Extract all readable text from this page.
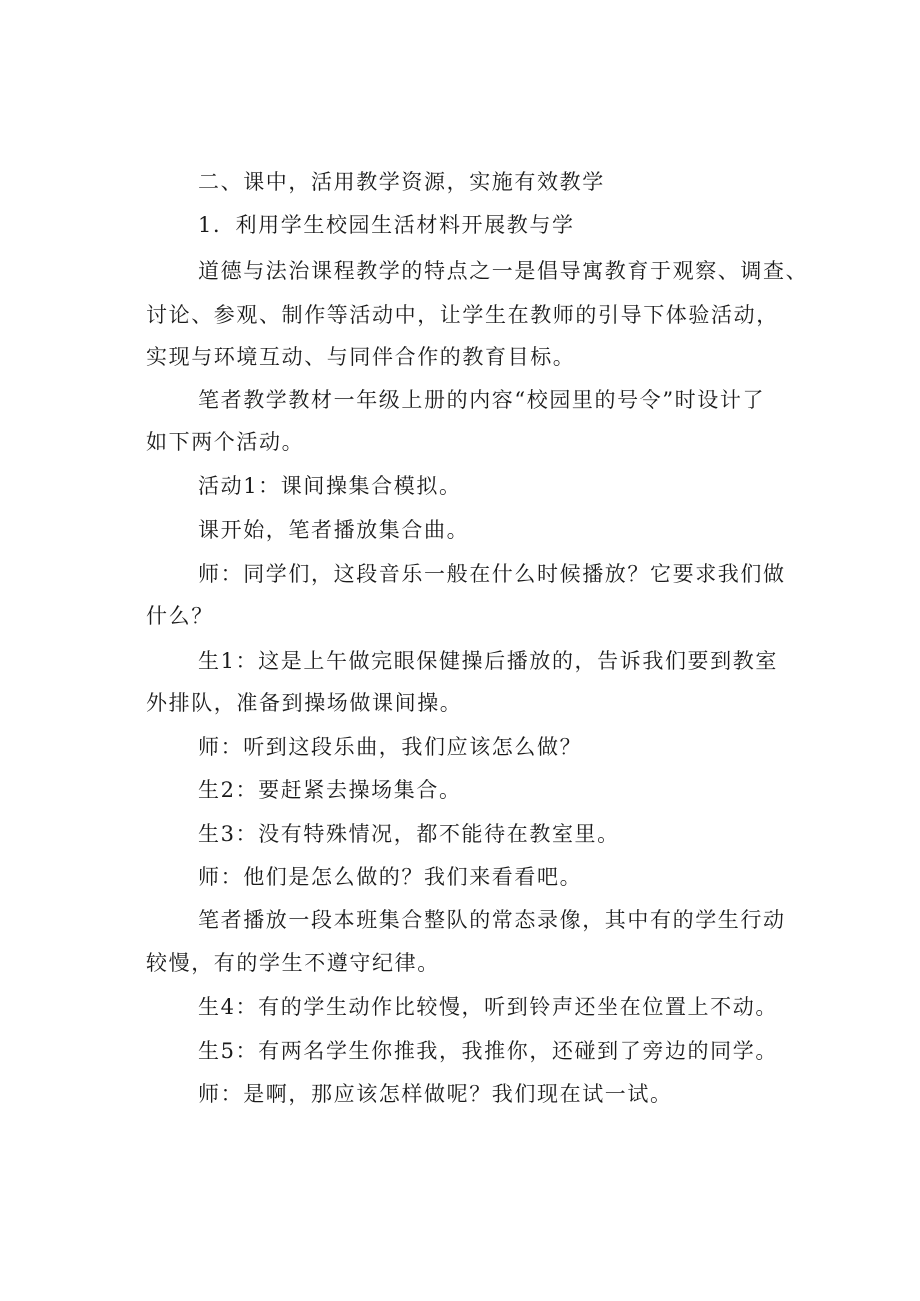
二、课中，活用教学资源，实施有效教学
1．利用学生校园生活材料开展教与学
道德与法治课程教学的特点之一是倡导寓教育于观察、调查、
讨论、参观、制作等活动中，让学生在教师的引导下体验活动，
实现与环境互动、与同伴合作的教育目标。
笔者教学教材一年级上册的内容“校园里的号令”时设计了
如下两个活动。
活动1：课间操集合模拟。
课开始，笔者播放集合曲。
师：同学们，这段音乐一般在什么时候播放？它要求我们做
什么？
生1：这是上午做完眼保健操后播放的，告诉我们要到教室
外排队，准备到操场做课间操。
师：听到这段乐曲，我们应该怎么做？
生2：要赶紧去操场集合。
生3：没有特殊情况，都不能待在教室里。
师：他们是怎么做的？我们来看看吧。
笔者播放一段本班集合整队的常态录像，其中有的学生行动
较慢，有的学生不遵守纪律。
生4：有的学生动作比较慢，听到铃声还坐在位置上不动。
生5：有两名学生你推我，我推你，还碰到了旁边的同学。
师：是啊，那应该怎样做呢？我们现在试一试。
